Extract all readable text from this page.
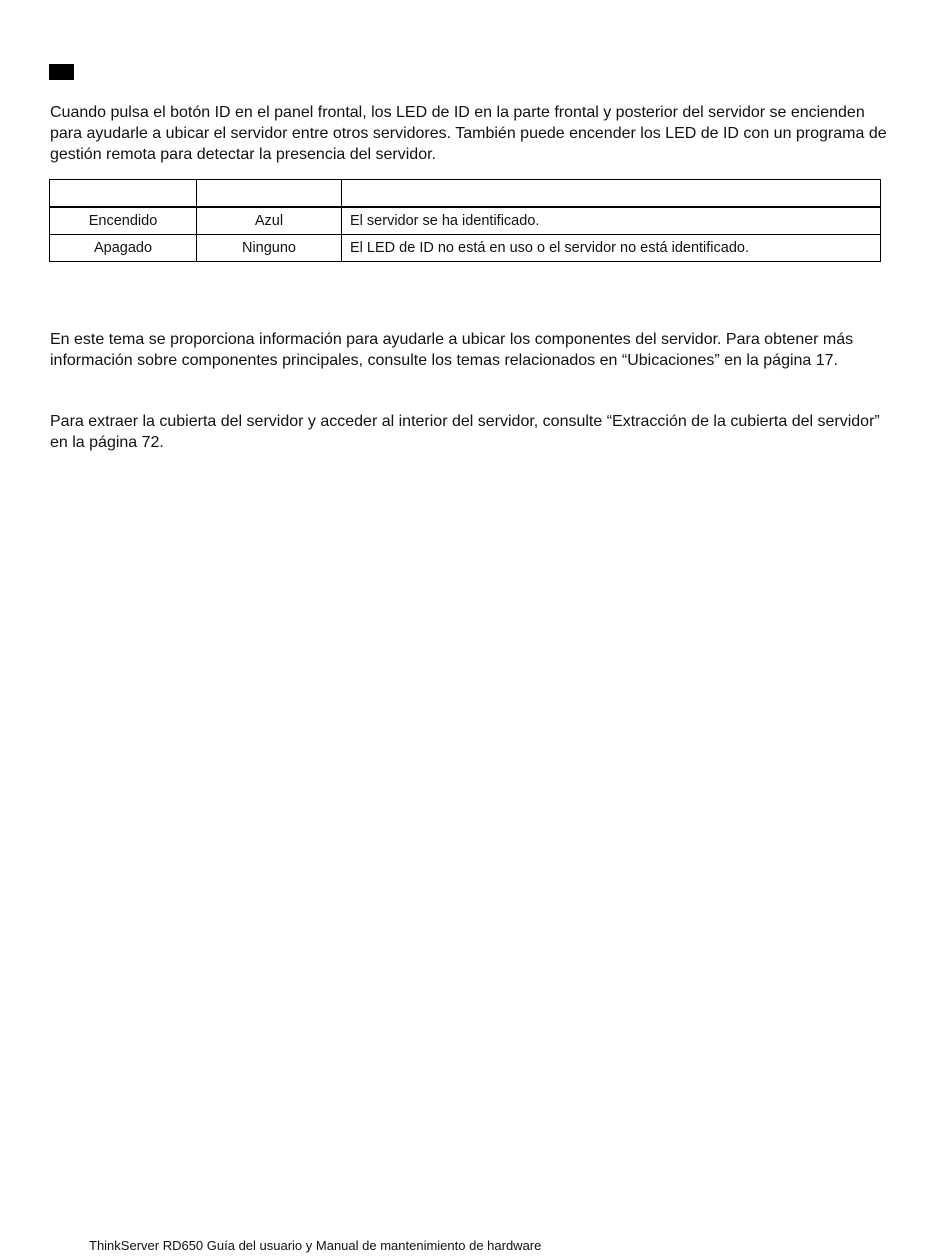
Cuando pulsa el botón ID en el panel frontal, los LED de ID en la parte frontal y posterior del servidor se encienden para ayudarle a ubicar el servidor entre otros servidores. También puede encender los LED de ID con un programa de gestión remota para detectar la presencia del servidor.

Encendido	Azul	El servidor se ha identificado.
Apagado	Ninguno	El LED de ID no está en uso o el servidor no está identificado.

En este tema se proporciona información para ayudarle a ubicar los componentes del servidor. Para obtener más información sobre componentes principales, consulte los temas relacionados en “Ubicaciones” en la página 17.

Para extraer la cubierta del servidor y acceder al interior del servidor, consulte “Extracción de la cubierta del servidor” en la página 72.

ThinkServer RD650 Guía del usuario y Manual de mantenimiento de hardware
